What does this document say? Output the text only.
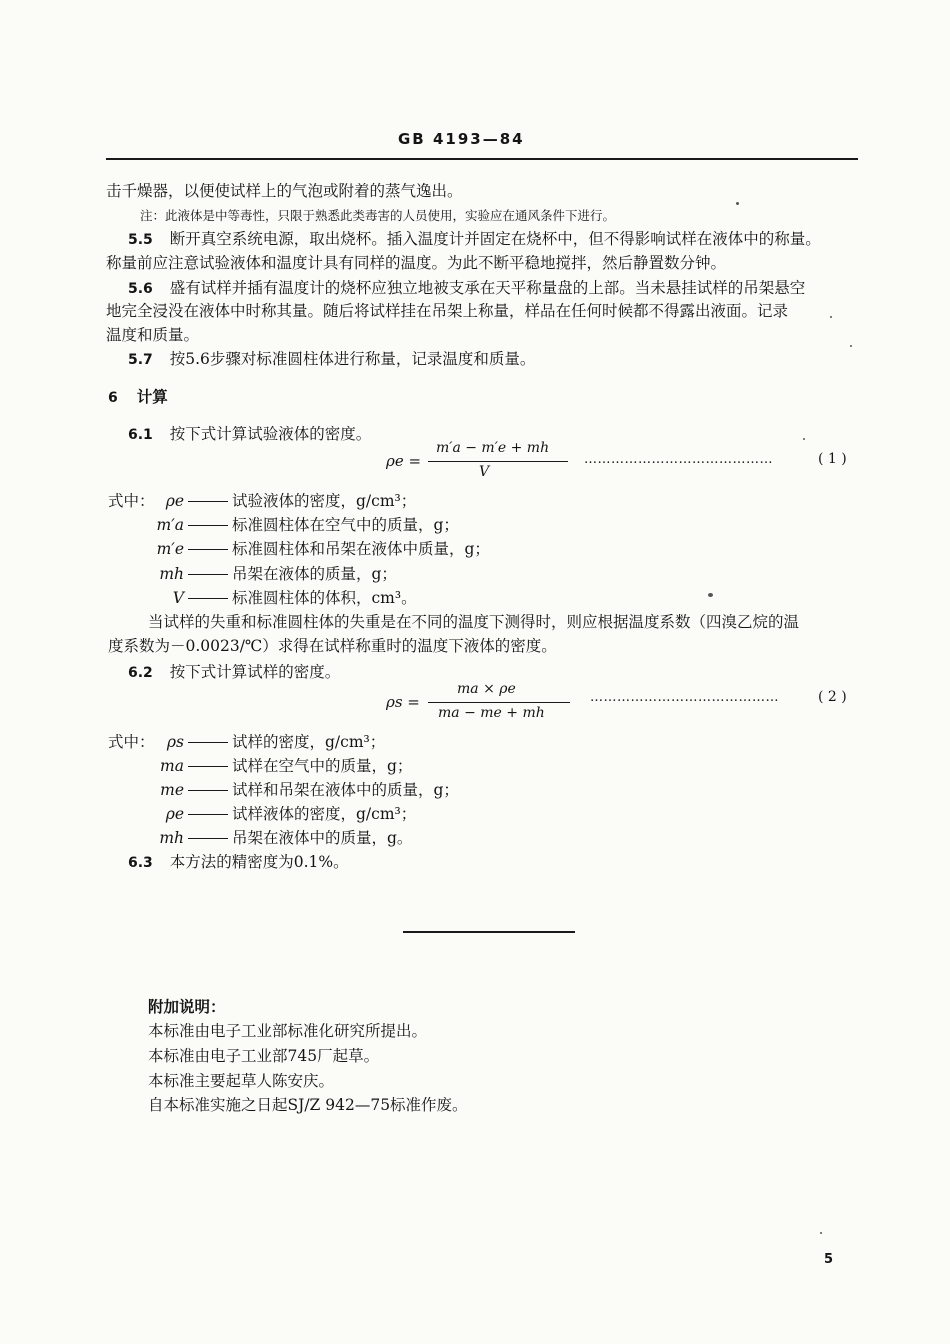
GB 4193—84
击千燥器，以便使试样上的气泡或附着的蒸气逸出。
注：此液体是中等毒性，只限于熟悉此类毒害的人员使用，实验应在通风条件下进行。
5.5 断开真空系统电源，取出烧杯。插入温度计并固定在烧杯中，但不得影响试样在液体中的称量。
称量前应注意试验液体和温度计具有同样的温度。为此不断平稳地搅拌，然后静置数分钟。
5.6 盛有试样并插有温度计的烧杯应独立地被支承在天平称量盘的上部。当未悬挂试样的吊架悬空
地完全浸没在液体中时称其量。随后将试样挂在吊架上称量，样品在任何时候都不得露出液面。记录
温度和质量。
5.7 按5.6步骤对标准圆柱体进行称量，记录温度和质量。
6 计算
6.1 按下式计算试验液体的密度。
ρe =
m′a − m′e + mh
V
……………………………………	( 1 )
式中： ρe	试验液体的密度，g/cm³；
m′a	标准圆柱体在空气中的质量，g；
m′e	标准圆柱体和吊架在液体中质量，g；
mh	吊架在液体的质量，g；
V	标准圆柱体的体积，cm³。
当试样的失重和标准圆柱体的失重是在不同的温度下测得时，则应根据温度系数（四溴乙烷的温
度系数为－0.0023/℃）求得在试样称重时的温度下液体的密度。
6.2 按下式计算试样的密度。
ρs =
ma × ρe
ma − me + mh
……………………………………	( 2 )
式中： ρs	试样的密度，g/cm³；
ma	试样在空气中的质量，g；
me	试样和吊架在液体中的质量，g；
ρe	试样液体的密度，g/cm³；
mh	吊架在液体中的质量，g。
6.3 本方法的精密度为0.1%。
附加说明：
本标准由电子工业部标准化研究所提出。
本标准由电子工业部745厂起草。
本标准主要起草人陈安庆。
自本标准实施之日起SJ/Z 942—75标准作废。
5
